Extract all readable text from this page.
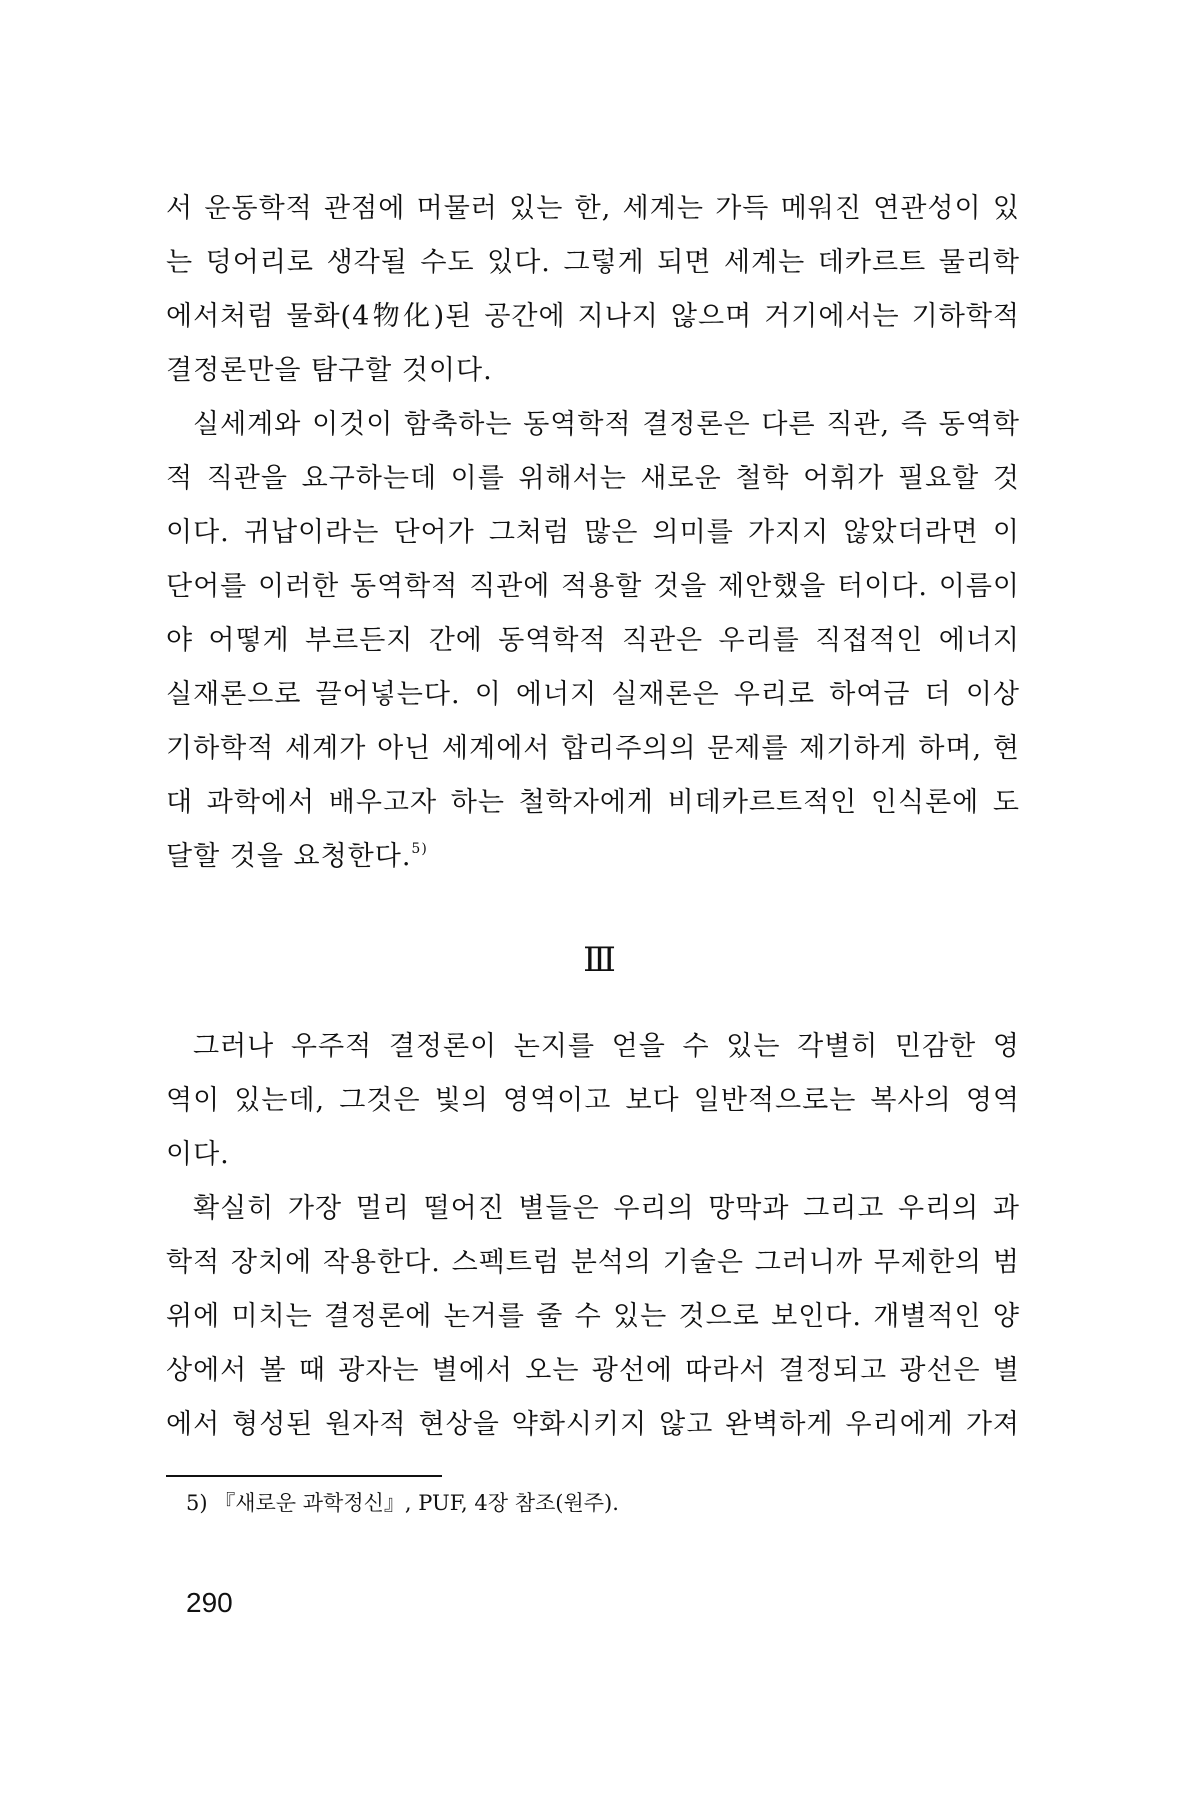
서 운동학적 관점에 머물러 있는 한, 세계는 가득 메워진 연관성이 있
는 덩어리로 생각될 수도 있다. 그렇게 되면 세계는 데카르트 물리학
에서처럼 물화(4物化)된 공간에 지나지 않으며 거기에서는 기하학적
결정론만을 탐구할 것이다.
실세계와 이것이 함축하는 동역학적 결정론은 다른 직관, 즉 동역학
적 직관을 요구하는데 이를 위해서는 새로운 철학 어휘가 필요할 것
이다. 귀납이라는 단어가 그처럼 많은 의미를 가지지 않았더라면 이
단어를 이러한 동역학적 직관에 적용할 것을 제안했을 터이다. 이름이
야 어떻게 부르든지 간에 동역학적 직관은 우리를 직접적인 에너지
실재론으로 끌어넣는다. 이 에너지 실재론은 우리로 하여금 더 이상
기하학적 세계가 아닌 세계에서 합리주의의 문제를 제기하게 하며, 현
대 과학에서 배우고자 하는 철학자에게 비데카르트적인 인식론에 도
달할 것을 요청한다.$^{5)}$
Ⅲ
그러나 우주적 결정론이 논지를 얻을 수 있는 각별히 민감한 영
역이 있는데, 그것은 빛의 영역이고 보다 일반적으로는 복사의 영역
이다.
확실히 가장 멀리 떨어진 별들은 우리의 망막과 그리고 우리의 과
학적 장치에 작용한다. 스펙트럼 분석의 기술은 그러니까 무제한의 범
위에 미치는 결정론에 논거를 줄 수 있는 것으로 보인다. 개별적인 양
상에서 볼 때 광자는 별에서 오는 광선에 따라서 결정되고 광선은 별
에서 형성된 원자적 현상을 약화시키지 않고 완벽하게 우리에게 가져
5) 『새로운 과학정신』, PUF, 4장 참조(원주).
290
